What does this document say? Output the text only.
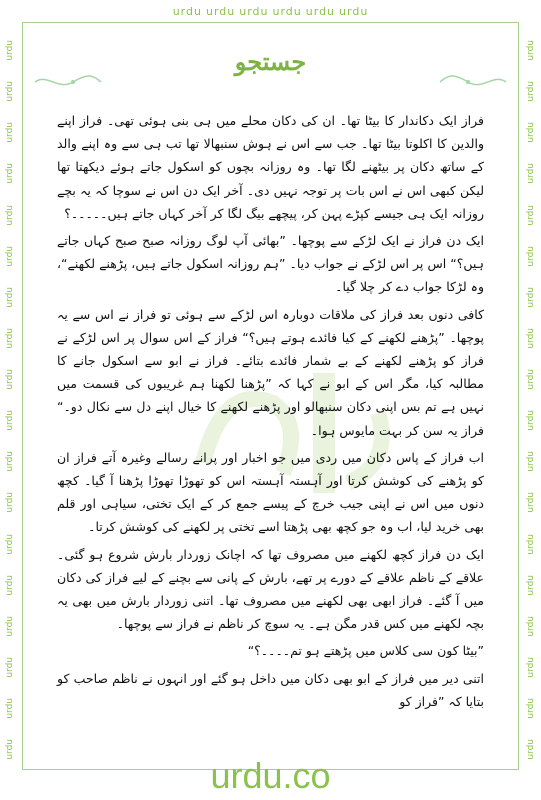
urdu urdu urdu urdu urdu urdu
urdu
urdu
urdu
urdu
urdu
urdu
urdu
urdu
urdu
urdu
urdu
urdu
urdu
urdu
urdu
urdu
urdu
urdu
urdu
urdu
urdu
urdu
urdu
urdu
urdu
urdu
urdu
urdu
urdu
urdu
urdu
urdu
urdu
urdu
urdu
urdu
جستجو

فراز ایک دکاندار کا بیٹا تھا۔ ان کی دکان محلے میں ہی بنی ہوئی تھی۔ فراز اپنے والدین کا اکلوتا بیٹا تھا۔ جب سے اس نے ہوش سنبھالا تھا تب ہی سے وہ اپنے والد کے ساتھ دکان پر بیٹھنے لگا تھا۔ وہ روزانہ بچوں کو اسکول جاتے ہوئے دیکھتا تھا لیکن کبھی اس نے اس بات پر توجہ نہیں دی۔ آخر ایک دن اس نے سوچا کہ یہ بچے روزانہ ایک ہی جیسے کپڑے پہن کر، پیچھے بیگ لگا کر آخر کہاں جاتے ہیں۔۔۔۔۔؟

ایک دن فراز نے ایک لڑکے سے پوچھا۔ ”بھائی آپ لوگ روزانہ صبح صبح کہاں جاتے ہیں؟“ اس پر اس لڑکے نے جواب دیا۔ ”ہم روزانہ اسکول جاتے ہیں، پڑھنے لکھنے“، وہ لڑکا جواب دے کر چلا گیا۔

کافی دنوں بعد فراز کی ملاقات دوبارہ اس لڑکے سے ہوئی تو فراز نے اس سے یہ پوچھا۔ ”پڑھنے لکھنے کے کیا فائدے ہوتے ہیں؟“ فراز کے اس سوال پر اس لڑکے نے فراز کو پڑھنے لکھنے کے بے شمار فائدے بتائے۔ فراز نے ابو سے اسکول جانے کا مطالبہ کیا، مگر اس کے ابو نے کہا کہ ”پڑھنا لکھنا ہم غریبوں کی قسمت میں نہیں ہے تم بس اپنی دکان سنبھالو اور پڑھنے لکھنے کا خیال اپنے دل سے نکال دو۔“ فراز یہ سن کر بہت مایوس ہوا۔

اب فراز کے پاس دکان میں ردی میں جو اخبار اور پرانے رسالے وغیرہ آتے فراز ان کو پڑھنے کی کوشش کرتا اور آہستہ آہستہ اس کو تھوڑا تھوڑا پڑھنا آ گیا۔ کچھ دنوں میں اس نے اپنی جیب خرچ کے پیسے جمع کر کے ایک تختی، سیاہی اور قلم بھی خرید لیا، اب وہ جو کچھ بھی پڑھتا اسے تختی پر لکھنے کی کوشش کرتا۔

ایک دن فراز کچھ لکھنے میں مصروف تھا کہ اچانک زوردار بارش شروع ہو گئی۔ علاقے کے ناظم علاقے کے دورے پر تھے، بارش کے پانی سے بچنے کے لیے فراز کی دکان میں آ گئے۔ فراز ابھی بھی لکھنے میں مصروف تھا۔ اتنی زوردار بارش میں بھی یہ بچہ لکھنے میں کس قدر مگن ہے۔ یہ سوچ کر ناظم نے فراز سے پوچھا۔

”بیٹا کون سی کلاس میں پڑھتے ہو تم۔۔۔۔؟“

اتنی دیر میں فراز کے ابو بھی دکان میں داخل ہو گئے اور انہوں نے ناظم صاحب کو بتایا کہ ”فراز کو

urdu.co
